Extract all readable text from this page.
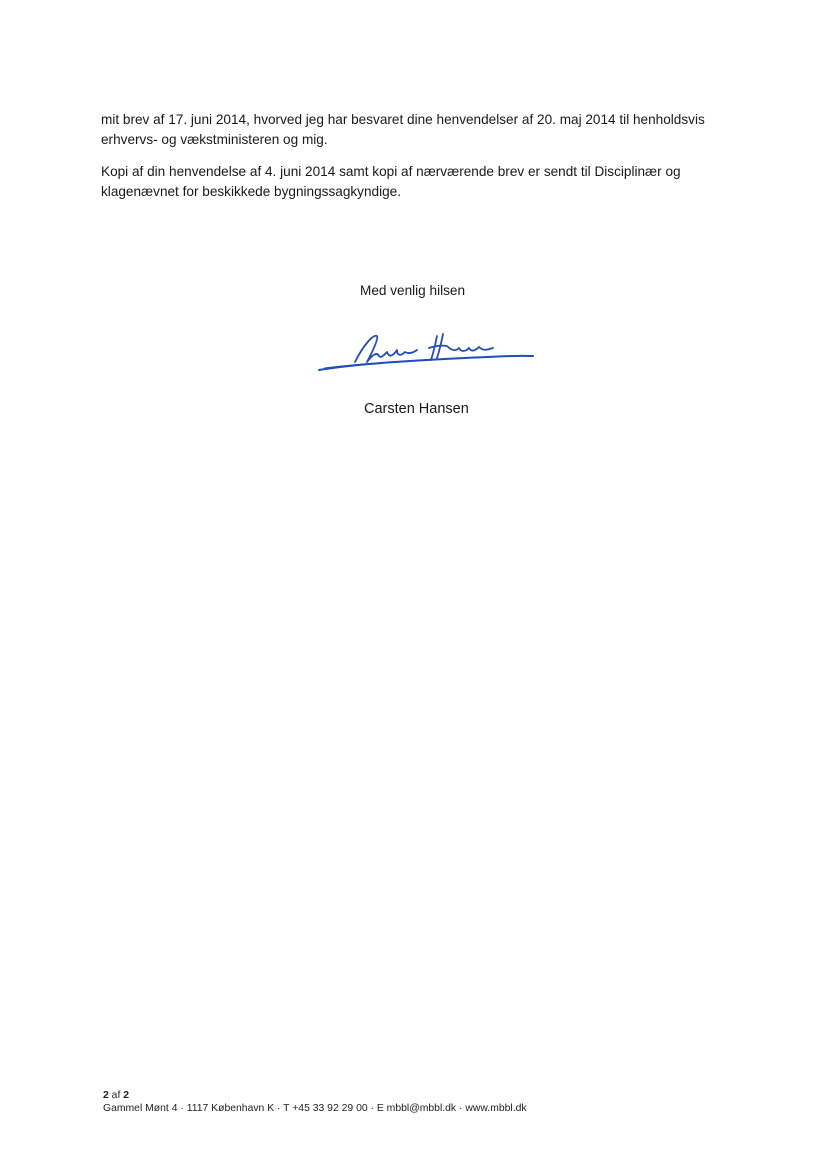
mit brev af 17. juni 2014, hvorved jeg har besvaret dine henvendelser af 20. maj 2014 til henholdsvis
erhvervs- og vækstministeren og mig.

Kopi af din henvendelse af 4. juni 2014 samt kopi af nærværende brev er sendt til Disciplinær og
klagenævnet for beskikkede bygningssagkyndige.

Med venlig hilsen
Carsten Hansen
2 af 2
Gammel Mønt 4 · 1117 København K · T +45 33 92 29 00 · E mbbl@mbbl.dk · www.mbbl.dk
